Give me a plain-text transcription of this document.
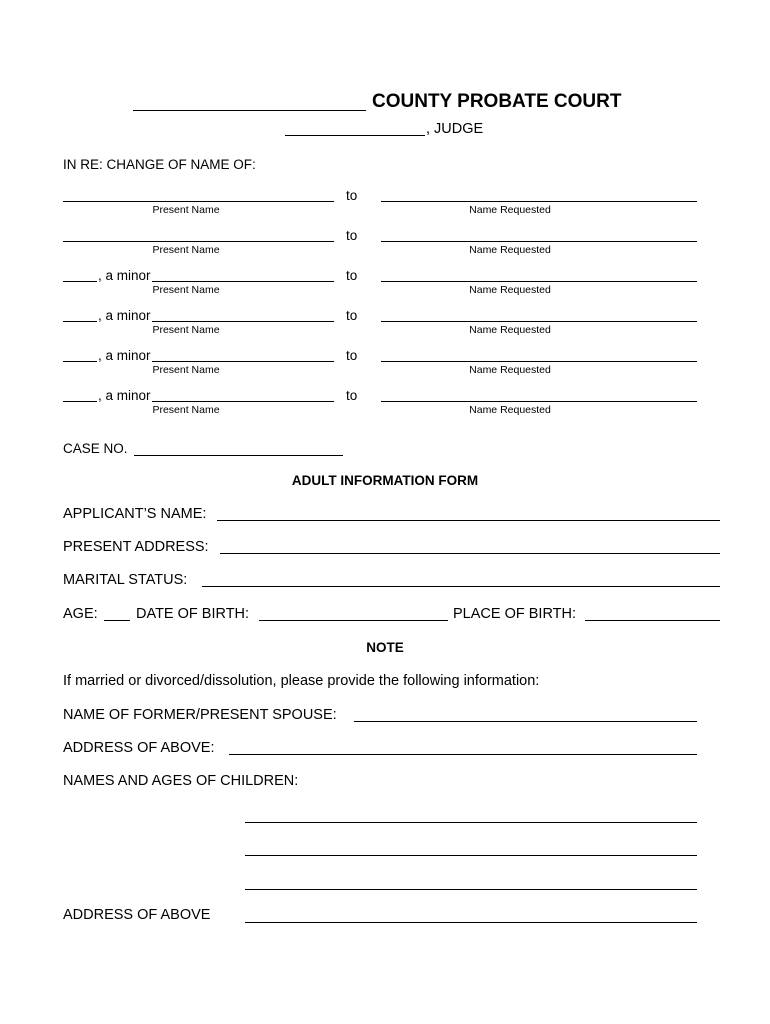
COUNTY PROBATE COURT
, JUDGE
IN RE: CHANGE OF NAME OF:
to
Present Name	Name Requested
to
Present Name	Name Requested
, a minor	to
Present Name	Name Requested
, a minor	to
Present Name	Name Requested
, a minor	to
Present Name	Name Requested
, a minor	to
Present Name	Name Requested
CASE NO.
ADULT INFORMATION FORM
APPLICANT’S NAME:
PRESENT ADDRESS:
MARITAL STATUS:
AGE:	DATE OF BIRTH:	PLACE OF BIRTH:
NOTE
If married or divorced/dissolution, please provide the following information:
NAME OF FORMER/PRESENT SPOUSE:
ADDRESS OF ABOVE:
NAMES AND AGES OF CHILDREN:
ADDRESS OF ABOVE
